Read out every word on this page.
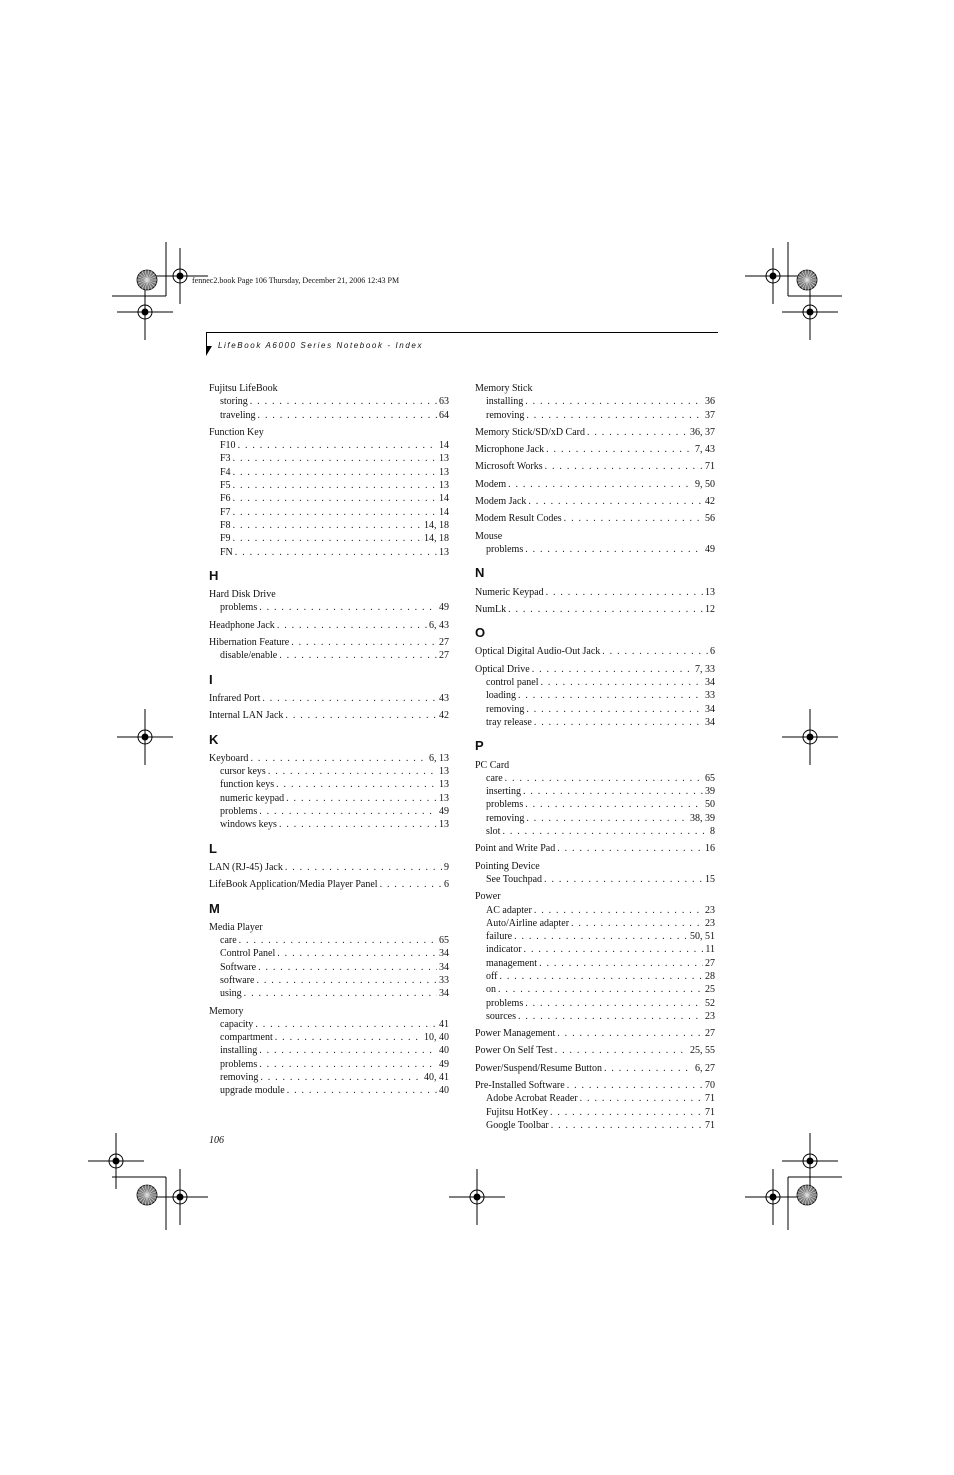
fennec2.book Page 106 Thursday, December 21, 2006 12:43 PM
LifeBook A6000 Series Notebook - Index
Fujitsu LifeBook
storing . . .	63
traveling . . .	64
Function Key
F10 . . .	14
F3 . . .	13
F4 . . .	13
F5 . . .	13
F6 . . .	14
F7 . . .	14
F8 . . .	14, 18
F9 . . .	14, 18
FN . . .	13
H
Hard Disk Drive
problems . . .	49
Headphone Jack . . .	6, 43
Hibernation Feature . . .	27
disable/enable . . .	27
I
Infrared Port . . .	43
Internal LAN Jack . . .	42
K
Keyboard . . .	6, 13
cursor keys . . .	13
function keys . . .	13
numeric keypad . . .	13
problems . . .	49
windows keys . . .	13
L
LAN (RJ-45) Jack . . .	9
LifeBook Application/Media Player Panel . . .	6
M
Media Player
care . . .	65
Control Panel . . .	34
Software . . .	34
software . . .	33
using . . .	34
Memory
capacity . . .	41
compartment . . .	10, 40
installing . . .	40
problems . . .	49
removing . . .	40, 41
upgrade module . . .	40
Memory Stick
installing . . .	36
removing . . .	37
Memory Stick/SD/xD Card . . .	36, 37
Microphone Jack . . .	7, 43
Microsoft Works . . .	71
Modem . . .	9, 50
Modem Jack . . .	42
Modem Result Codes . . .	56
Mouse
problems . . .	49
N
Numeric Keypad . . .	13
NumLk . . .	12
O
Optical Digital Audio-Out Jack . . .	6
Optical Drive . . .	7, 33
control panel . . .	34
loading . . .	33
removing . . .	34
tray release . . .	34
P
PC Card
care . . .	65
inserting . . .	39
problems . . .	50
removing . . .	38, 39
slot . . .	8
Point and Write Pad . . .	16
Pointing Device
See Touchpad . . .	15
Power
AC adapter . . .	23
Auto/Airline adapter . . .	23
failure . . .	50, 51
indicator . . .	11
management . . .	27
off . . .	28
on . . .	25
problems . . .	52
sources . . .	23
Power Management . . .	27
Power On Self Test . . .	25, 55
Power/Suspend/Resume Button . . .	6, 27
Pre-Installed Software . . .	70
Adobe Acrobat Reader . . .	71
Fujitsu HotKey . . .	71
Google Toolbar . . .	71
106
